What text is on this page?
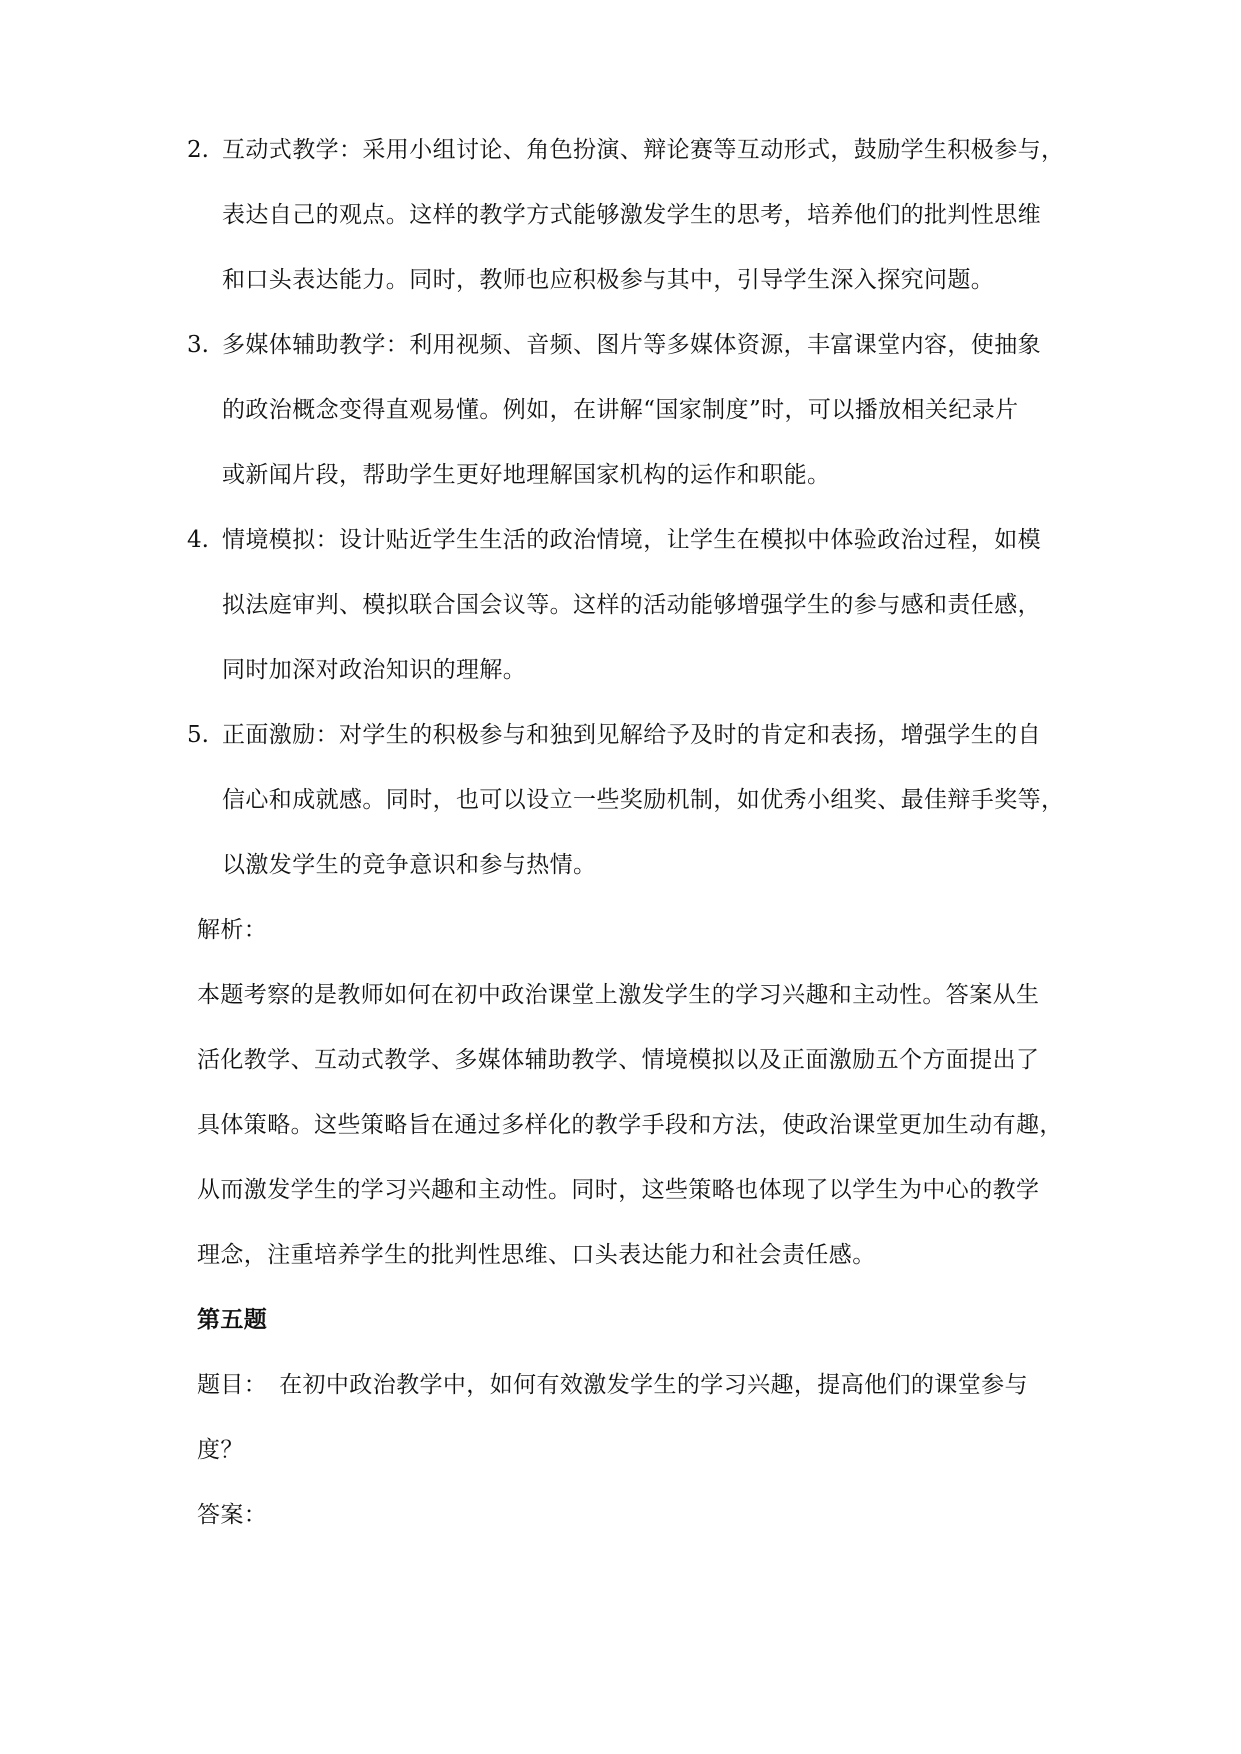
2. 互动式教学：采用小组讨论、角色扮演、辩论赛等互动形式，鼓励学生积极参与，
表达自己的观点。这样的教学方式能够激发学生的思考，培养他们的批判性思维
和口头表达能力。同时，教师也应积极参与其中，引导学生深入探究问题。
3. 多媒体辅助教学：利用视频、音频、图片等多媒体资源，丰富课堂内容，使抽象
的政治概念变得直观易懂。例如，在讲解“国家制度”时，可以播放相关纪录片
或新闻片段，帮助学生更好地理解国家机构的运作和职能。
4. 情境模拟：设计贴近学生生活的政治情境，让学生在模拟中体验政治过程，如模
拟法庭审判、模拟联合国会议等。这样的活动能够增强学生的参与感和责任感，
同时加深对政治知识的理解。
5. 正面激励：对学生的积极参与和独到见解给予及时的肯定和表扬，增强学生的自
信心和成就感。同时，也可以设立一些奖励机制，如优秀小组奖、最佳辩手奖等，
以激发学生的竞争意识和参与热情。
解析：
本题考察的是教师如何在初中政治课堂上激发学生的学习兴趣和主动性。答案从生
活化教学、互动式教学、多媒体辅助教学、情境模拟以及正面激励五个方面提出了
具体策略。这些策略旨在通过多样化的教学手段和方法，使政治课堂更加生动有趣，
从而激发学生的学习兴趣和主动性。同时，这些策略也体现了以学生为中心的教学
理念，注重培养学生的批判性思维、口头表达能力和社会责任感。
第五题
题目：　在初中政治教学中，如何有效激发学生的学习兴趣，提高他们的课堂参与
度？
答案：
